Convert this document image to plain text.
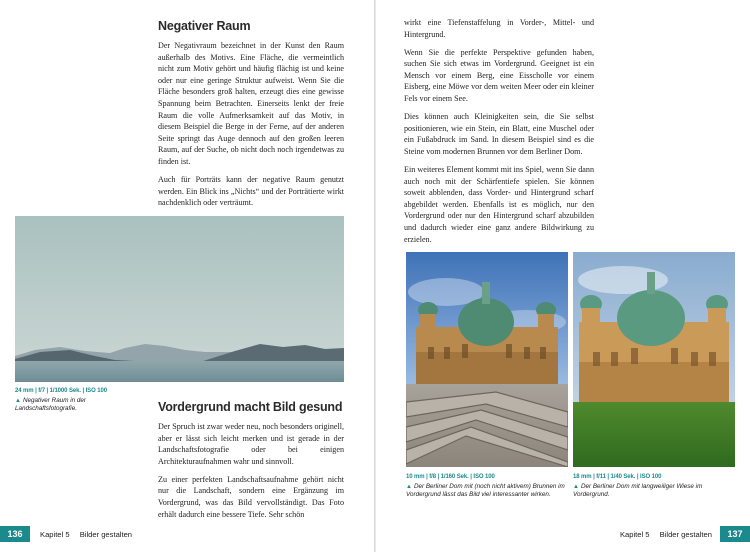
Negativer Raum

Der Negativraum bezeichnet in der Kunst den Raum außerhalb des Motivs. Eine Fläche, die vermeintlich nicht zum Motiv gehört und häufig flächig ist und keine oder nur eine geringe Struktur aufweist. Wenn Sie die Fläche besonders groß halten, erzeugt dies eine gewisse Spannung beim Betrachten. Einerseits lenkt der freie Raum die volle Aufmerksamkeit auf das Motiv, in diesem Beispiel die Berge in der Ferne, auf der anderen Seite springt das Auge dennoch auf den großen leeren Raum, auf der Suche, ob nicht doch noch irgendetwas zu finden ist.

Auch für Porträts kann der negative Raum genutzt werden. Ein Blick ins „Nichts“ und der Porträtierte wirkt nachdenklich oder verträumt.

24 mm | f/7 | 1/1000 Sek. | ISO 100
▲ Negativer Raum in der Landschaftsfotografie.	Vordergrund macht Bild gesund

Der Spruch ist zwar weder neu, noch besonders originell, aber er lässt sich leicht merken und ist gerade in der Landschaftsfotografie oder bei einigen Architekturaufnahmen wahr und sinnvoll.

Zu einer perfekten Landschaftsaufnahme gehört nicht nur die Landschaft, sondern eine Ergänzung im Vordergrund, was das Bild vervollständigt. Das Foto erhält dadurch eine bessere Tiefe. Sehr schön

136	Kapitel 5 Bilder gestalten

wirkt eine Tiefenstaffelung in Vorder-, Mittel- und Hintergrund.

Wenn Sie die perfekte Perspektive gefunden haben, suchen Sie sich etwas im Vordergrund. Geeignet ist ein Mensch vor einem Berg, eine Eisscholle vor einem Eisberg, eine Möwe vor dem weiten Meer oder ein kleiner Fels vor einem See.

Dies können auch Kleinigkeiten sein, die Sie selbst positionieren, wie ein Stein, ein Blatt, eine Muschel oder ein Fußabdruck im Sand. In diesem Beispiel sind es die Steine vom modernen Brunnen vor dem Berliner Dom.

Ein weiteres Element kommt mit ins Spiel, wenn Sie dann auch noch mit der Schärfentiefe spielen. Sie können soweit abblenden, dass Vorder- und Hintergrund scharf abgebildet werden. Ebenfalls ist es möglich, nur den Vordergrund oder nur den Hintergrund scharf abzubilden und dadurch wieder eine ganz andere Bildwirkung zu erzielen.

10 mm | f/8 | 1/160 Sek. | ISO 100
▲ Der Berliner Dom mit (noch nicht aktivem) Brunnen im Vordergrund lässt das Bild viel interessanter wirken.
18 mm | f/11 | 1/40 Sek. | ISO 100
▲ Der Berliner Dom mit langweiliger Wiese im Vordergrund.
Kapitel 5 Bilder gestalten	137
